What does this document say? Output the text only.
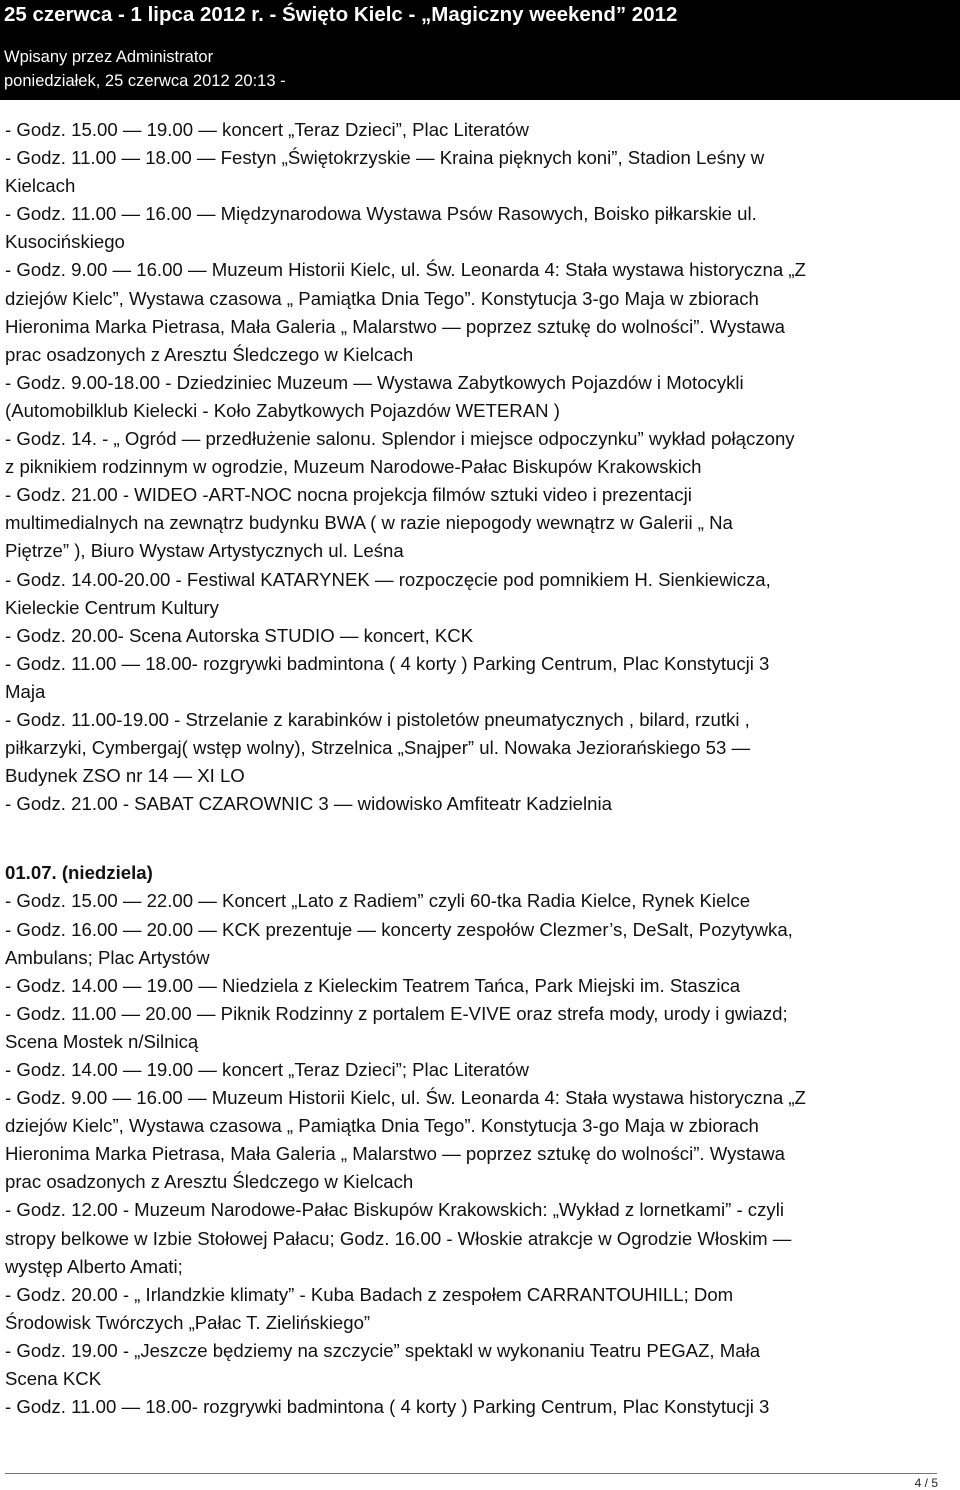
25 czerwca - 1 lipca 2012 r. - Święto Kielc - „Magiczny weekend” 2012
Wpisany przez Administrator
poniedziałek, 25 czerwca 2012 20:13 -
- Godz. 15.00 — 19.00 — koncert „Teraz Dzieci”, Plac Literatów
- Godz. 11.00 — 18.00 — Festyn „Świętokrzyskie — Kraina pięknych koni”, Stadion Leśny w
Kielcach
- Godz. 11.00 — 16.00 — Międzynarodowa Wystawa Psów Rasowych, Boisko piłkarskie ul.
Kusocińskiego
- Godz. 9.00 — 16.00 — Muzeum Historii Kielc, ul. Św. Leonarda 4: Stała wystawa historyczna „Z
dziejów Kielc”, Wystawa czasowa „ Pamiątka Dnia Tego”. Konstytucja 3-go Maja w zbiorach
Hieronima Marka Pietrasa, Mała Galeria „ Malarstwo — poprzez sztukę do wolności”. Wystawa
prac osadzonych z Aresztu Śledczego w Kielcach
- Godz. 9.00-18.00 - Dziedziniec Muzeum — Wystawa Zabytkowych Pojazdów i Motocykli
(Automobilklub Kielecki - Koło Zabytkowych Pojazdów WETERAN )
- Godz. 14. - „ Ogród — przedłużenie salonu. Splendor i miejsce odpoczynku” wykład połączony
z piknikiem rodzinnym w ogrodzie, Muzeum Narodowe-Pałac Biskupów Krakowskich
- Godz. 21.00 - WIDEO -ART-NOC nocna projekcja filmów sztuki video i prezentacji
multimedialnych na zewnątrz budynku BWA ( w razie niepogody wewnątrz w Galerii „ Na
Piętrze” ), Biuro Wystaw Artystycznych ul. Leśna
- Godz. 14.00-20.00 - Festiwal KATARYNEK — rozpoczęcie pod pomnikiem H. Sienkiewicza,
Kieleckie Centrum Kultury
- Godz. 20.00- Scena Autorska STUDIO — koncert, KCK
- Godz. 11.00 — 18.00- rozgrywki badmintona ( 4 korty ) Parking Centrum, Plac Konstytucji 3
Maja
- Godz. 11.00-19.00 - Strzelanie z karabinków i pistoletów pneumatycznych , bilard, rzutki ,
piłkarzyki, Cymbergaj( wstęp wolny), Strzelnica „Snajper” ul. Nowaka Jeziorańskiego 53 —
Budynek ZSO nr 14 — XI LO
- Godz. 21.00 - SABAT CZAROWNIC 3 — widowisko Amfiteatr Kadzielnia
01.07. (niedziela)
- Godz. 15.00 — 22.00 — Koncert „Lato z Radiem” czyli 60-tka Radia Kielce, Rynek Kielce
- Godz. 16.00 — 20.00 — KCK prezentuje — koncerty zespołów Clezmer’s, DeSalt, Pozytywka,
Ambulans; Plac Artystów
- Godz. 14.00 — 19.00 — Niedziela z Kieleckim Teatrem Tańca, Park Miejski im. Staszica
- Godz. 11.00 — 20.00 — Piknik Rodzinny z portalem E-VIVE oraz strefa mody, urody i gwiazd;
Scena Mostek n/Silnicą
- Godz. 14.00 — 19.00 — koncert „Teraz Dzieci”; Plac Literatów
- Godz. 9.00 — 16.00 — Muzeum Historii Kielc, ul. Św. Leonarda 4: Stała wystawa historyczna „Z
dziejów Kielc”, Wystawa czasowa „ Pamiątka Dnia Tego”. Konstytucja 3-go Maja w zbiorach
Hieronima Marka Pietrasa, Mała Galeria „ Malarstwo — poprzez sztukę do wolności”. Wystawa
prac osadzonych z Aresztu Śledczego w Kielcach
- Godz. 12.00 - Muzeum Narodowe-Pałac Biskupów Krakowskich: „Wykład z lornetkami” - czyli
stropy belkowe w Izbie Stołowej Pałacu; Godz. 16.00 - Włoskie atrakcje w Ogrodzie Włoskim —
występ Alberto Amati;
- Godz. 20.00 - „ Irlandzkie klimaty” - Kuba Badach z zespołem CARRANTOUHILL; Dom
Środowisk Twórczych „Pałac T. Zielińskiego”
- Godz. 19.00 - „Jeszcze będziemy na szczycie” spektakl w wykonaniu Teatru PEGAZ, Mała
Scena KCK
- Godz. 11.00 — 18.00- rozgrywki badmintona ( 4 korty ) Parking Centrum, Plac Konstytucji 3
4 / 5
